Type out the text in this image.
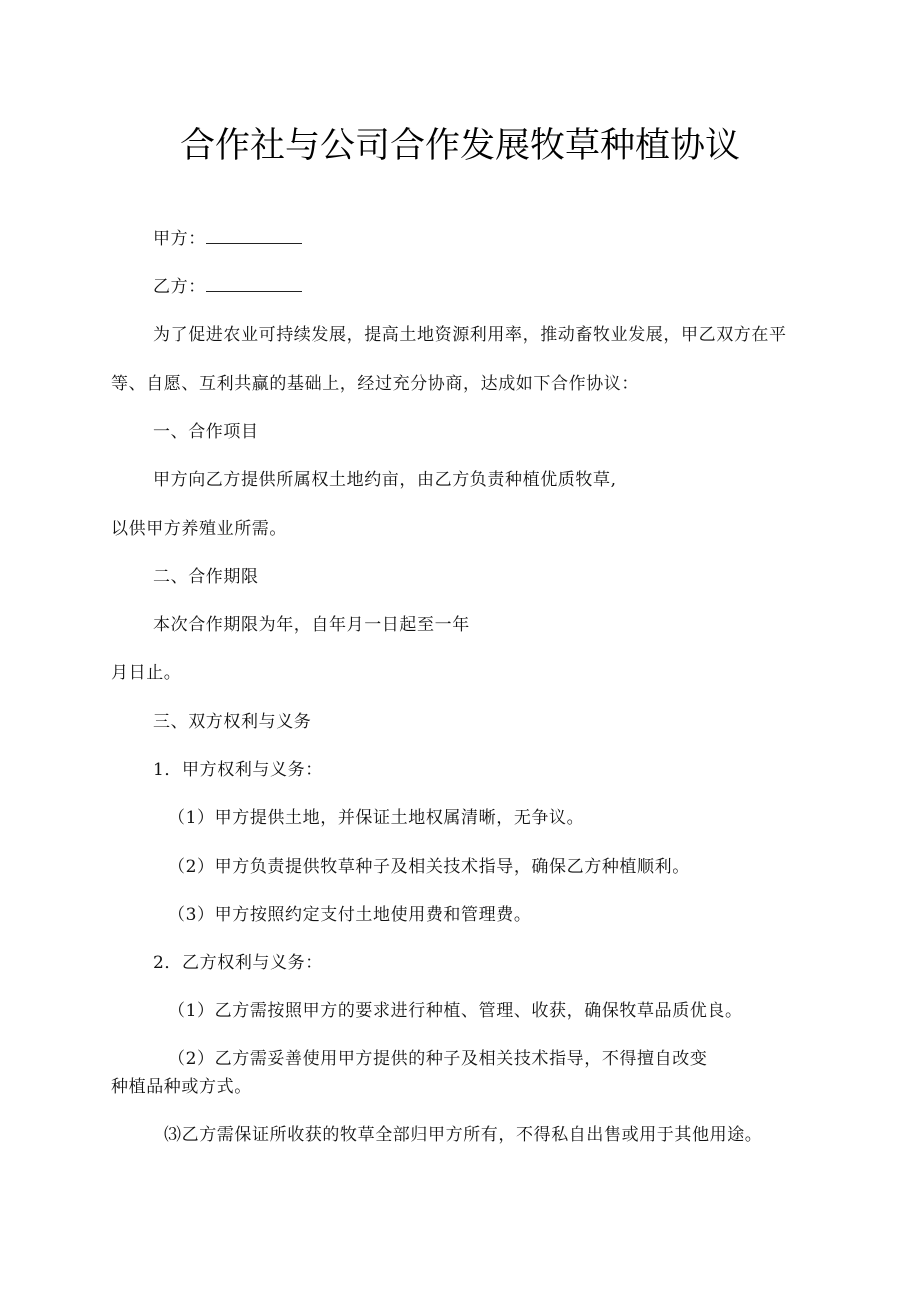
合作社与公司合作发展牧草种植协议
甲方：
乙方：
为了促进农业可持续发展，提高土地资源利用率，推动畜牧业发展，甲乙双方在平
等、自愿、互利共赢的基础上，经过充分协商，达成如下合作协议：
一、合作项目
甲方向乙方提供所属权土地约亩，由乙方负责种植优质牧草,
以供甲方养殖业所需。
二、合作期限
本次合作期限为年，自年月一日起至一年
月日止。
三、双方权利与义务
1．甲方权利与义务：
（1）甲方提供土地，并保证土地权属清晰，无争议。
（2）甲方负责提供牧草种子及相关技术指导，确保乙方种植顺利。
（3）甲方按照约定支付土地使用费和管理费。
2．乙方权利与义务：
（1）乙方需按照甲方的要求进行种植、管理、收获，确保牧草品质优良。
（2）乙方需妥善使用甲方提供的种子及相关技术指导，不得擅自改变
种植品种或方式。
⑶乙方需保证所收获的牧草全部归甲方所有，不得私自出售或用于其他用途。
